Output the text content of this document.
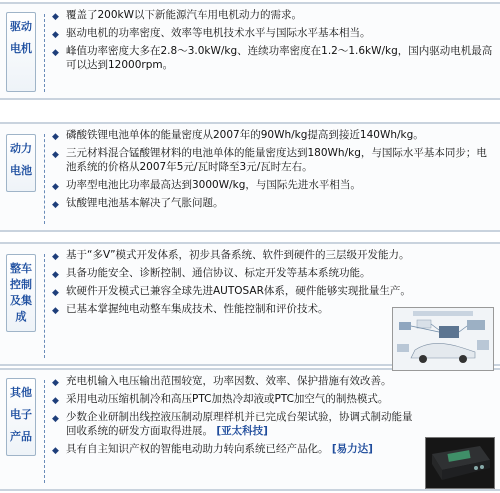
驱动
电机
◆ 覆盖了200kW以下新能源汽车用电机动力的需求。
◆ 驱动电机的功率密度、效率等电机技术水平与国际水平基本相当。
◆ 峰值功率密度大多在2.8～3.0kW/kg、连续功率密度在1.2～1.6kW/kg，国内驱动电机最高可以达到12000rpm。
动力
电池
◆ 磷酸铁锂电池单体的能量密度从2007年的90Wh/kg提高到接近140Wh/kg。
◆ 三元材料混合锰酸锂材料的电池单体的能量密度达到180Wh/kg，与国际水平基本同步；电池系统的价格从2007年5元/瓦时降至3元/瓦时左右。
◆ 功率型电池比功率最高达到3000W/kg，与国际先进水平相当。
◆ 钛酸锂电池基本解决了气胀问题。
整车
控制
及集
成
◆ 基于“多V”模式开发体系，初步具备系统、软件到硬件的三层级开发能力。
◆ 具备功能安全、诊断控制、通信协议、标定开发等基本系统功能。
◆ 软硬件开发模式已兼容全球先进AUTOSAR体系，硬件能够实现批量生产。
◆ 已基本掌握纯电动整车集成技术、性能控制和评价技术。
其他
电子
产品
◆ 充电机输入电压输出范围较宽，功率因数、效率、保护措施有效改善。
◆ 采用电动压缩机制冷和高压PTC加热冷却液或PTC加空气的制热模式。
◆ 少数企业研制出线控液压制动原理样机并已完成台架试验，协调式制动能量回收系统的研发方面取得进展。 [亚太科技]
◆ 具有自主知识产权的智能电动助力转向系统已经产品化。 [易力达]
